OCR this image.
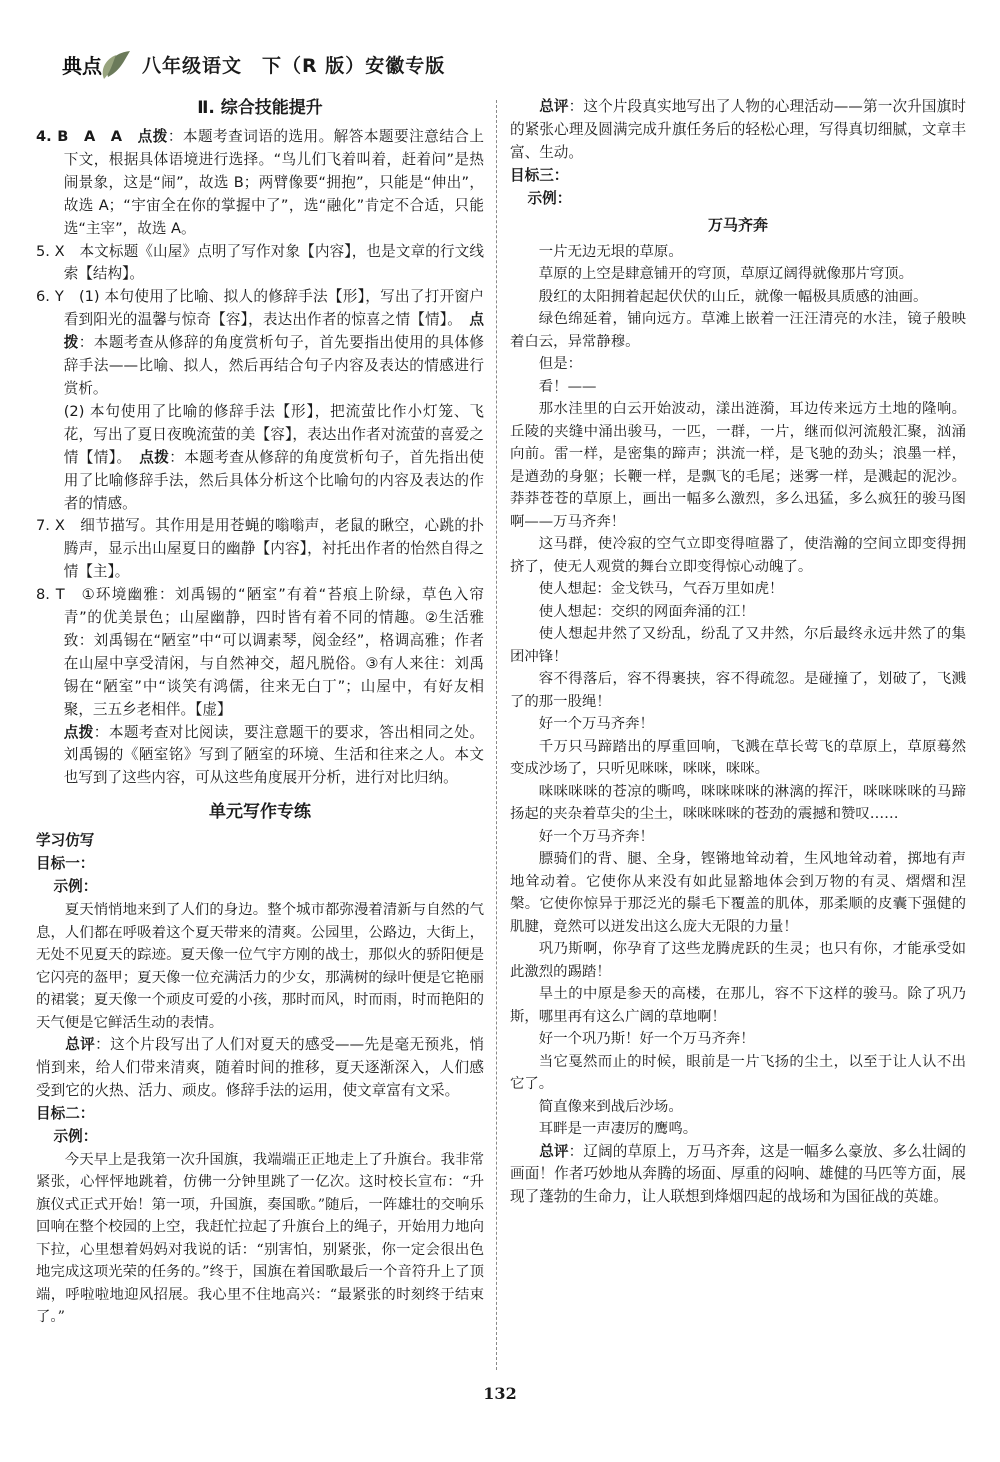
典点 八年级语文　下（R 版）安徽专版

Ⅱ. 综合技能提升

4. B　A　A　点拨：本题考查词语的选用。解答本题要注意结合上下文，根据具体语境进行选择。“鸟儿们飞着叫着，赶着问”是热闹景象，这是“闹”，故选 B；两臂像要“拥抱”，只能是“伸出”，故选 A；“宇宙全在你的掌握中了”，选“融化”肯定不合适，只能选“主宰”，故选 A。

5. X　本文标题《山屋》点明了写作对象【内容】，也是文章的行文线索【结构】。

6. Y　(1) 本句使用了比喻、拟人的修辞手法【形】，写出了打开窗户看到阳光的温馨与惊奇【容】，表达出作者的惊喜之情【情】。　点拨：本题考查从修辞的角度赏析句子，首先要指出使用的具体修辞手法——比喻、拟人，然后再结合句子内容及表达的情感进行赏析。

(2) 本句使用了比喻的修辞手法【形】，把流萤比作小灯笼、飞花，写出了夏日夜晚流萤的美【容】，表达出作者对流萤的喜爱之情【情】。　点拨：本题考查从修辞的角度赏析句子，首先指出使用了比喻修辞手法，然后具体分析这个比喻句的内容及表达的作者的情感。

7. X　细节描写。其作用是用苍蝇的嗡嗡声，老鼠的瞅空，心跳的扑腾声，显示出山屋夏日的幽静【内容】，衬托出作者的怡然自得之情【主】。

8. T　①环境幽雅：刘禹锡的“陋室”有着“苔痕上阶绿，草色入帘青”的优美景色；山屋幽静，四时皆有着不同的情趣。②生活雅致：刘禹锡在“陋室”中“可以调素琴，阅金经”，格调高雅；作者在山屋中享受清闲，与自然神交，超凡脱俗。③有人来往：刘禹锡在“陋室”中“谈笑有鸿儒，往来无白丁”；山屋中，有好友相聚，三五乡老相伴。【虚】

点拨：本题考查对比阅读，要注意题干的要求，答出相同之处。刘禹锡的《陋室铭》写到了陋室的环境、生活和往来之人。本文也写到了这些内容，可从这些角度展开分析，进行对比归纳。

单元写作专练

学习仿写

目标一：

示例：

夏天悄悄地来到了人们的身边。整个城市都弥漫着清新与自然的气息，人们都在呼吸着这个夏天带来的清爽。公园里，公路边，大街上，无处不见夏天的踪迹。夏天像一位气宇方刚的战士，那似火的骄阳便是它闪亮的盔甲；夏天像一位充满活力的少女，那满树的绿叶便是它艳丽的裙裳；夏天像一个顽皮可爱的小孩，那时而风，时而雨，时而艳阳的天气便是它鲜活生动的表情。

总评：这个片段写出了人们对夏天的感受——先是毫无预兆，悄悄到来，给人们带来清爽，随着时间的推移，夏天逐渐深入，人们感受到它的火热、活力、顽皮。修辞手法的运用，使文章富有文采。

目标二：

示例：

今天早上是我第一次升国旗，我端端正正地走上了升旗台。我非常紧张，心怦怦地跳着，仿佛一分钟里跳了一亿次。这时校长宣布：“升旗仪式正式开始！第一项，升国旗，奏国歌。”随后，一阵雄壮的交响乐回响在整个校园的上空，我赶忙拉起了升旗台上的绳子，开始用力地向下拉，心里想着妈妈对我说的话：“别害怕，别紧张，你一定会很出色地完成这项光荣的任务的。”终于，国旗在着国歌最后一个音符升上了顶端，呼啦啦地迎风招展。我心里不住地高兴：“最紧张的时刻终于结束了。”

总评：这个片段真实地写出了人物的心理活动——第一次升国旗时的紧张心理及圆满完成升旗任务后的轻松心理，写得真切细腻，文章丰富、生动。

目标三：

示例：

万马齐奔

一片无边无垠的草原。

草原的上空是肆意铺开的穹顶，草原辽阔得就像那片穹顶。

殷红的太阳拥着起起伏伏的山丘，就像一幅极具质感的油画。

绿色绵延着，铺向远方。草滩上嵌着一汪汪清亮的水洼，镜子般映着白云，异常静穆。

但是：

看！——

那水洼里的白云开始波动，漾出涟漪，耳边传来远方土地的隆响。丘陵的夹缝中涌出骏马，一匹，一群，一片，继而似河流般汇聚，汹涌向前。雷一样，是密集的蹄声；洪流一样，是飞驰的劲头；浪墨一样，是遒劲的身躯；长鞭一样，是飘飞的毛尾；迷雾一样，是溅起的泥沙。莽莽苍苍的草原上，画出一幅多么激烈，多么迅猛，多么疯狂的骏马图啊——万马齐奔！

这马群，使冷寂的空气立即变得喧嚣了，使浩瀚的空间立即变得拥挤了，使无人观赏的舞台立即变得惊心动魄了。

使人想起：金戈铁马，气吞万里如虎！

使人想起：交织的网面奔涌的江！

使人想起井然了又纷乱，纷乱了又井然，尔后最终永远井然了的集团冲锋！

容不得落后，容不得裹挟，容不得疏忽。是碰撞了，划破了，飞溅了的那一股绳！

好一个万马齐奔！

千万只马蹄踏出的厚重回响，飞溅在草长莺飞的草原上，草原蓦然变成沙场了，只听见咪咪，咪咪，咪咪。

咪咪咪咪的苍凉的嘶鸣，咪咪咪咪的淋漓的挥汗，咪咪咪咪的马蹄扬起的夹杂着草尖的尘土，咪咪咪咪的苍劲的震撼和赞叹……

好一个万马齐奔！

膘骑们的背、腿、全身，铿锵地耸动着，生风地耸动着，掷地有声地耸动着。它使你从来没有如此显豁地体会到万物的有灵、熠熠和涅槃。它使你惊异于那泛光的鬃毛下覆盖的肌体，那柔顺的皮囊下强健的肌腱，竟然可以迸发出这么庞大无限的力量！

巩乃斯啊，你孕育了这些龙腾虎跃的生灵；也只有你，才能承受如此激烈的踢踏！

旱土的中原是参天的高楼，在那儿，容不下这样的骏马。除了巩乃斯，哪里再有这么广阔的草地啊！

好一个巩乃斯！好一个万马齐奔！

当它戛然而止的时候，眼前是一片飞扬的尘土，以至于让人认不出它了。

简直像来到战后沙场。

耳畔是一声凄厉的鹰鸣。

总评：辽阔的草原上，万马齐奔，这是一幅多么豪放、多么壮阔的画面！作者巧妙地从奔腾的场面、厚重的闷响、雄健的马匹等方面，展现了蓬勃的生命力，让人联想到烽烟四起的战场和为国征战的英雄。

132
